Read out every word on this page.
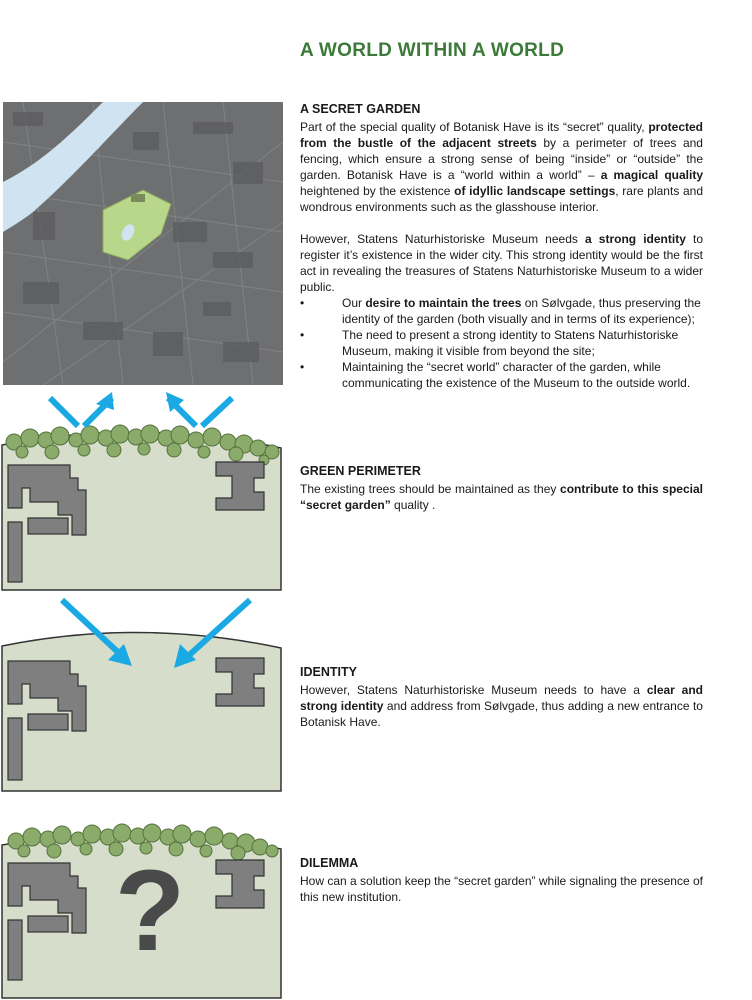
A WORLD WITHIN A WORLD
?
A SECRET GARDEN

Part of the special quality of Botanisk Have is its “secret” quality, protected from the bustle of the adjacent streets by a perimeter of trees and fencing, which ensure a strong sense of being “inside” or “outside” the garden. Botanisk Have is a “world within a world” – a magical quality heightened by the existence of idyllic landscape settings, rare plants and wondrous environments such as the glasshouse interior.

However, Statens Naturhistoriske Museum needs a strong identity to register it’s existence in the wider city. This strong identity would be the first act in revealing the treasures of Statens Naturhistoriske Museum to a wider public.

•	Our desire to maintain the trees on Sølvgade, thus preserving the identity of the garden (both visually and in terms of its experience);
•	The need to present a strong identity to Statens Naturhistoriske Museum, making it visible from beyond the site;
•	Maintaining the “secret world” character of the garden, while communicating the existence of the Museum to the outside world.
GREEN PERIMETER

The existing trees should be maintained as they contribute to this special “secret garden” quality .

IDENTITY

However, Statens Naturhistoriske Museum needs to have a clear and strong identity and address from Sølvgade, thus adding a new entrance to Botanisk Have.

DILEMMA

How can a solution keep the “secret garden” while signaling the presence of this new institution.
